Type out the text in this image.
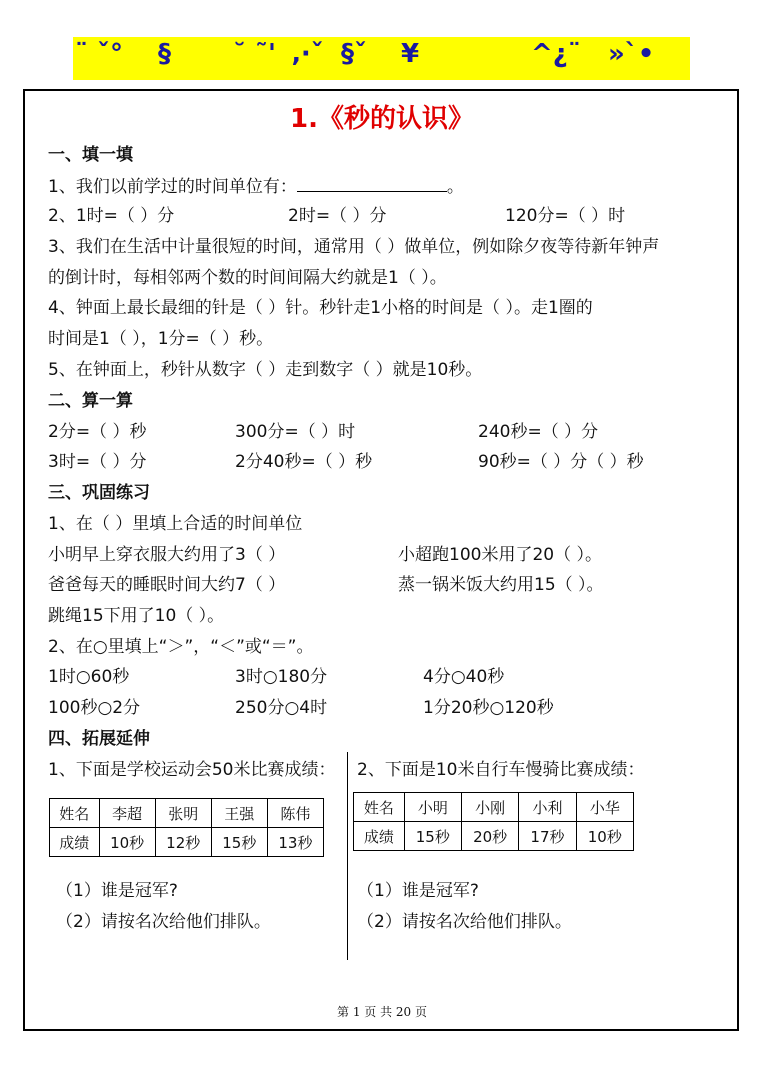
¨ ˇ° § ˘ ˜' ‚·ˇ §ˇ ¥	^¿¨ »`•
1.《秒的认识》
一、填一填
1、我们以前学过的时间单位有：	。
2、1时=（ ）分	2时=（ ）分	120分=（ ）时
3、我们在生活中计量很短的时间，通常用（ ）做单位，例如除夕夜等待新年钟声
的倒计时，每相邻两个数的时间间隔大约就是1（ ）。
4、钟面上最长最细的针是（ ）针。秒针走1小格的时间是（ ）。走1圈的
时间是1（ ），1分=（ ）秒。
5、在钟面上，秒针从数字（ ）走到数字（ ）就是10秒。
二、算一算
2分=（ ）秒	300分=（ ）时	240秒=（ ）分
3时=（ ）分	2分40秒=（ ）秒	90秒=（ ）分（ ）秒
三、巩固练习
1、在（ ）里填上合适的时间单位
小明早上穿衣服大约用了3（ ）	小超跑100米用了20（ ）。
爸爸每天的睡眠时间大约7（ ）	蒸一锅米饭大约用15（ ）。
跳绳15下用了10（ ）。
2、在○里填上“＞”，“＜”或“＝”。
1时○60秒	3时○180分	4分○40秒
100秒○2分	250分○4时	1分20秒○120秒
四、拓展延伸
1、下面是学校运动会50米比赛成绩：
姓名	李超	张明	王强	陈伟
成绩	10秒	12秒	15秒	13秒
（1）谁是冠军?
（2）请按名次给他们排队。
2、下面是10米自行车慢骑比赛成绩：
姓名	小明	小刚	小利	小华
成绩	15秒	20秒	17秒	10秒
（1）谁是冠军?
（2）请按名次给他们排队。
第 1 页 共 20 页
